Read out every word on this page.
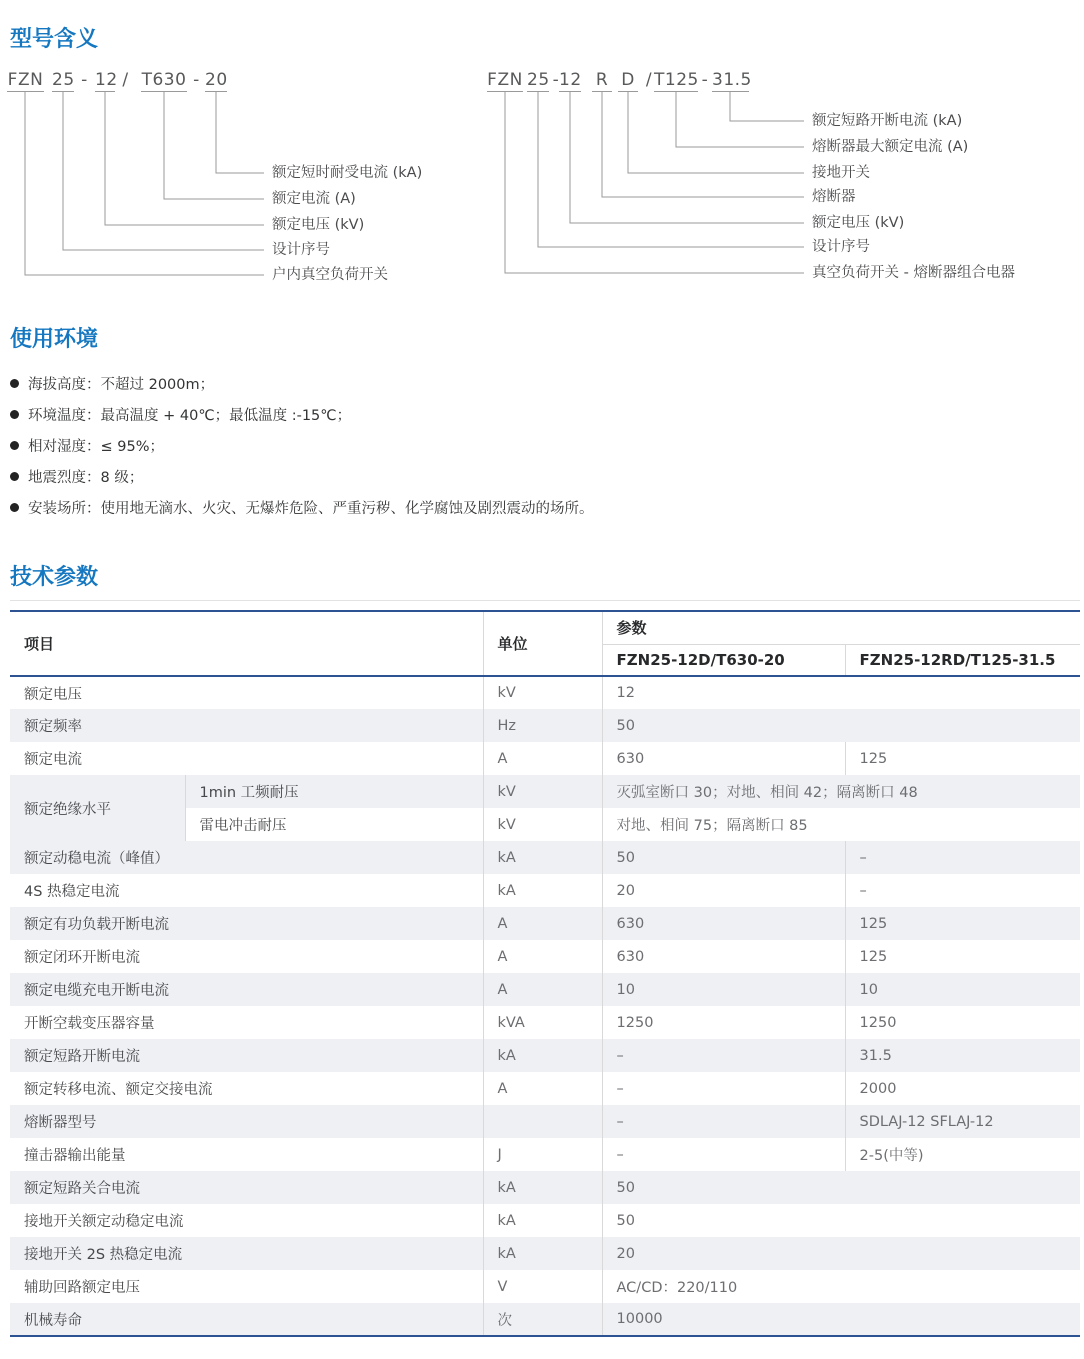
型号含义
FZN 25 - 12 / T630 - 20
额定短时耐受电流 (kA)
额定电流 (A)
额定电压 (kV)
设计序号
户内真空负荷开关
FZN 25 - 12 R D / T125 - 31.5
额定短路开断电流 (kA)
熔断器最大额定电流 (A)
接地开关
熔断器
额定电压 (kV)
设计序号
真空负荷开关 - 熔断器组合电器
使用环境
海拔高度：不超过 2000m；
环境温度：最高温度 + 40℃；最低温度 :-15℃；
相对湿度：≤ 95%；
地震烈度：8 级；
安装场所：使用地无滴水、火灾、无爆炸危险、严重污秽、化学腐蚀及剧烈震动的场所。
技术参数
项目		单位	参数	
			FZN25-12D/T630-20	FZN25-12RD/T125-31.5
额定电压		kV	12	
额定频率		Hz	50	
额定电流		A	630	125
额定绝缘水平	1min 工频耐压	kV	灭弧室断口 30；对地、相间 42；隔离断口 48	
	雷电冲击耐压	kV	对地、相间 75；隔离断口 85	
额定动稳电流（峰值）		kA	50	–
4S 热稳定电流		kA	20	–
额定有功负载开断电流		A	630	125
额定闭环开断电流		A	630	125
额定电缆充电开断电流		A	10	10
开断空载变压器容量		kVA	1250	1250
额定短路开断电流		kA	–	31.5
额定转移电流、额定交接电流		A	–	2000
熔断器型号			–	SDLAJ-12 SFLAJ-12
撞击器输出能量		J	–	2-5(中等)
额定短路关合电流		kA	50	
接地开关额定动稳定电流		kA	50	
接地开关 2S 热稳定电流		kA	20	
辅助回路额定电压		V	AC/CD：220/110	
机械寿命		次	10000	
